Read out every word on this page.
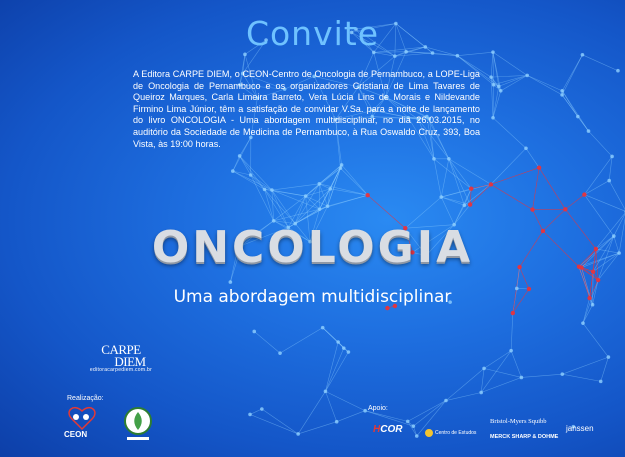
Convite
A Editora CARPE DIEM, o CEON-Centro de Oncologia de Pernambuco, a LOPE-Liga de Oncologia de Pernambuco e os organizadores Cristiana de Lima Tavares de Queiroz Marques, Carla Limeira Barreto, Vera Lúcia Lins de Morais e Nildevande Firmino Lima Júnior, têm a satisfação de convidar V.Sa. para a noite de lançamento do livro ONCOLOGIA - Uma abordagem multidisciplinar, no dia 26.03.2015, no auditório da Sociedade de Medicina de Pernambuco, à Rua Oswaldo Cruz, 393, Boa Vista, às 19:00 horas.
ONCOLOGIA
Uma abordagem multidisciplinar
CARPE
DIEM
editoracarpediem.com.br
Realização:
CEON
Apoio:
HCOR	Centro de Estudos
Bristol-Myers Squibb
MERCK SHARP & DOHME
janssen
